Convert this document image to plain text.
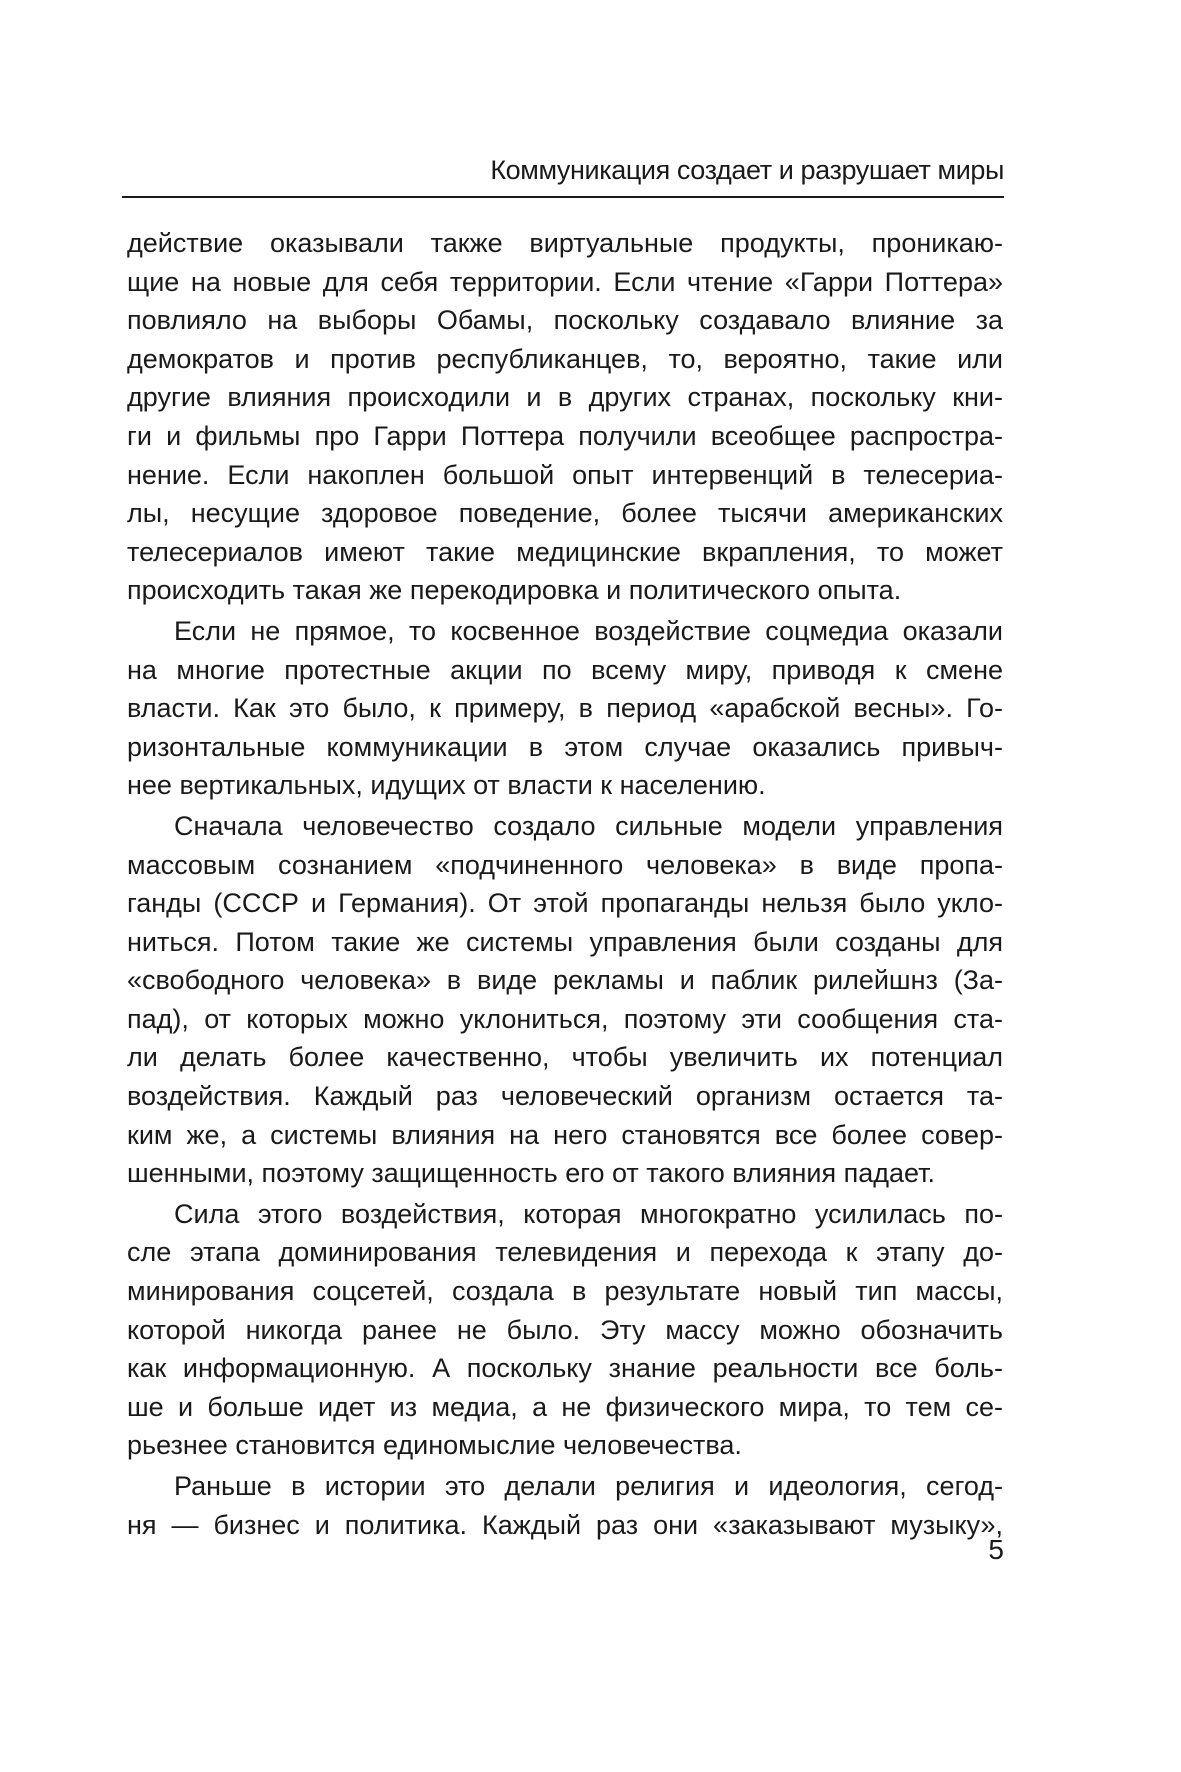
Коммуникация создает и разрушает миры

действие оказывали также виртуальные продукты, проникаю-

щие на новые для себя территории. Если чтение «Гарри Поттера»

повлияло на выборы Обамы, поскольку создавало влияние за

демократов и против республиканцев, то, вероятно, такие или

другие влияния происходили и в других странах, поскольку кни-

ги и фильмы про Гарри Поттера получили всеобщее распростра-

нение. Если накоплен большой опыт интервенций в телесериа-

лы, несущие здоровое поведение, более тысячи американских

телесериалов имеют такие медицинские вкрапления, то может

происходить такая же перекодировка и политического опыта.

Если не прямое, то косвенное воздействие соцмедиа оказали

на многие протестные акции по всему миру, приводя к смене

власти. Как это было, к примеру, в период «арабской весны». Го-

ризонтальные коммуникации в этом случае оказались привыч-

нее вертикальных, идущих от власти к населению.

Сначала человечество создало сильные модели управления

массовым сознанием «подчиненного человека» в виде пропа-

ганды (СССР и Германия). От этой пропаганды нельзя было укло-

ниться. Потом такие же системы управления были созданы для

«свободного человека» в виде рекламы и паблик рилейшнз (За-

пад), от которых можно уклониться, поэтому эти сообщения ста-

ли делать более качественно, чтобы увеличить их потенциал

воздействия. Каждый раз человеческий организм остается та-

ким же, а системы влияния на него становятся все более совер-

шенными, поэтому защищенность его от такого влияния падает.

Сила этого воздействия, которая многократно усилилась по-

сле этапа доминирования телевидения и перехода к этапу до-

минирования соцсетей, создала в результате новый тип массы,

которой никогда ранее не было. Эту массу можно обозначить

как информационную. А поскольку знание реальности все боль-

ше и больше идет из медиа, а не физического мира, то тем се-

рьезнее становится единомыслие человечества.

Раньше в истории это делали религия и идеология, сегод-

ня — бизнес и политика. Каждый раз они «заказывают музыку»,

5
